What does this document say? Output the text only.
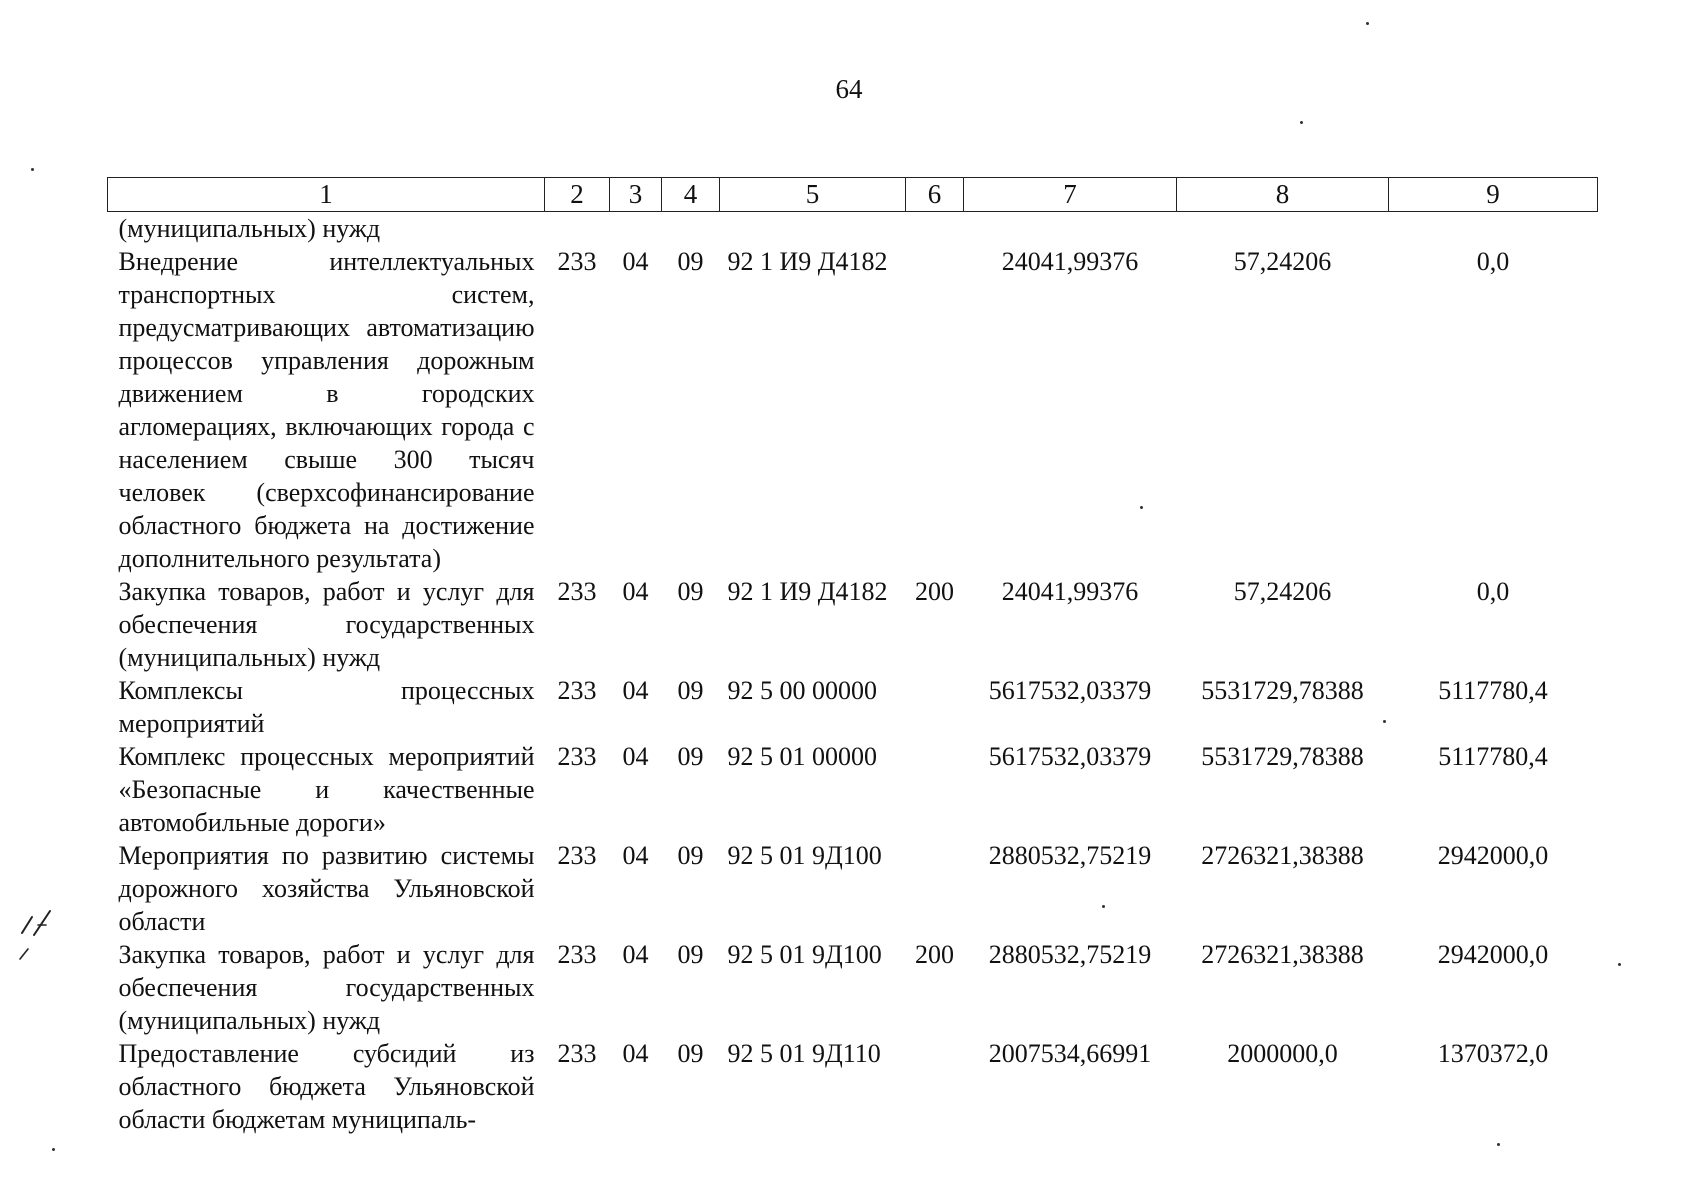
64
1	2	3	4	5	6	7	8	9
(муниципальных) нужд								
Внедрение интеллектуальных транспортных систем, предусматривающих автоматизацию процессов управления дорожным движением в городских агломерациях, включающих города с населением свыше 300 тысяч человек (сверхсофинансирование областного бюджета на достижение дополнительного результата)	233	04	09	92 1 И9 Д4182		24041,99376	57,24206	0,0
Закупка товаров, работ и услуг для обеспечения государственных (муниципальных) нужд	233	04	09	92 1 И9 Д4182	200	24041,99376	57,24206	0,0
Комплексы процессных мероприятий	233	04	09	92 5 00 00000		5617532,03379	5531729,78388	5117780,4
Комплекс процессных мероприятий «Безопасные и качественные автомобильные дороги»	233	04	09	92 5 01 00000		5617532,03379	5531729,78388	5117780,4
Мероприятия по развитию системы дорожного хозяйства Ульяновской области	233	04	09	92 5 01 9Д100		2880532,75219	2726321,38388	2942000,0
Закупка товаров, работ и услуг для обеспечения государственных (муниципальных) нужд	233	04	09	92 5 01 9Д100	200	2880532,75219	2726321,38388	2942000,0
Предоставление субсидий из областного бюджета Ульяновской области бюджетам муниципаль-	233	04	09	92 5 01 9Д110		2007534,66991	2000000,0	1370372,0
